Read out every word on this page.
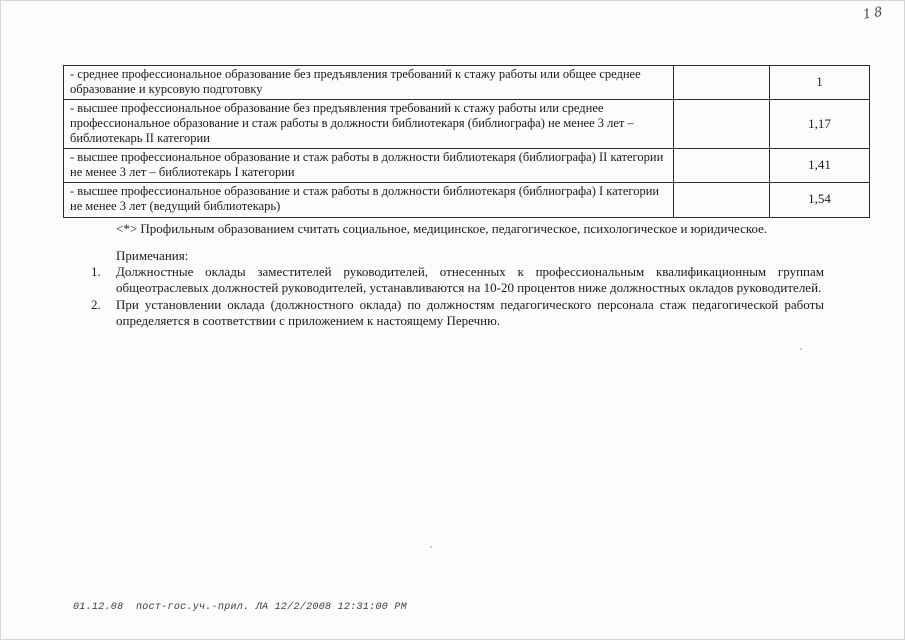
18
- среднее профессиональное образование без предъявления требований к стажу работы или общее среднее образование и курсовую подготовку		1
- высшее профессиональное образование без предъявления требований к стажу работы или среднее профессиональное образование и стаж работы в должности библиотекаря (библиографа) не менее 3 лет – библиотекарь II категории		1,17
- высшее профессиональное образование и стаж работы в должности библиотекаря (библиографа) II категории не менее 3 лет – библиотекарь I категории		1,41
- высшее профессиональное образование и стаж работы в должности библиотекаря (библиографа) I категории не менее 3 лет (ведущий библиотекарь)		1,54
<*> Профильным образованием считать социальное, медицинское, педагогическое, психологическое и юридическое.
Примечания:
1.	Должностные оклады заместителей руководителей, отнесенных к профессиональным квалификационным группам общеотраслевых должностей руководителей, устанавливаются на 10-20 процентов ниже должностных окладов руководителей.
2.	При установлении оклада (должностного оклада) по должностям педагогического персонала стаж педагогической работы определяется в соответствии с приложением к настоящему Перечню.
01.12.08  пост-гос.уч.-прил. ЛА 12/2/2008 12:31:00 PM
